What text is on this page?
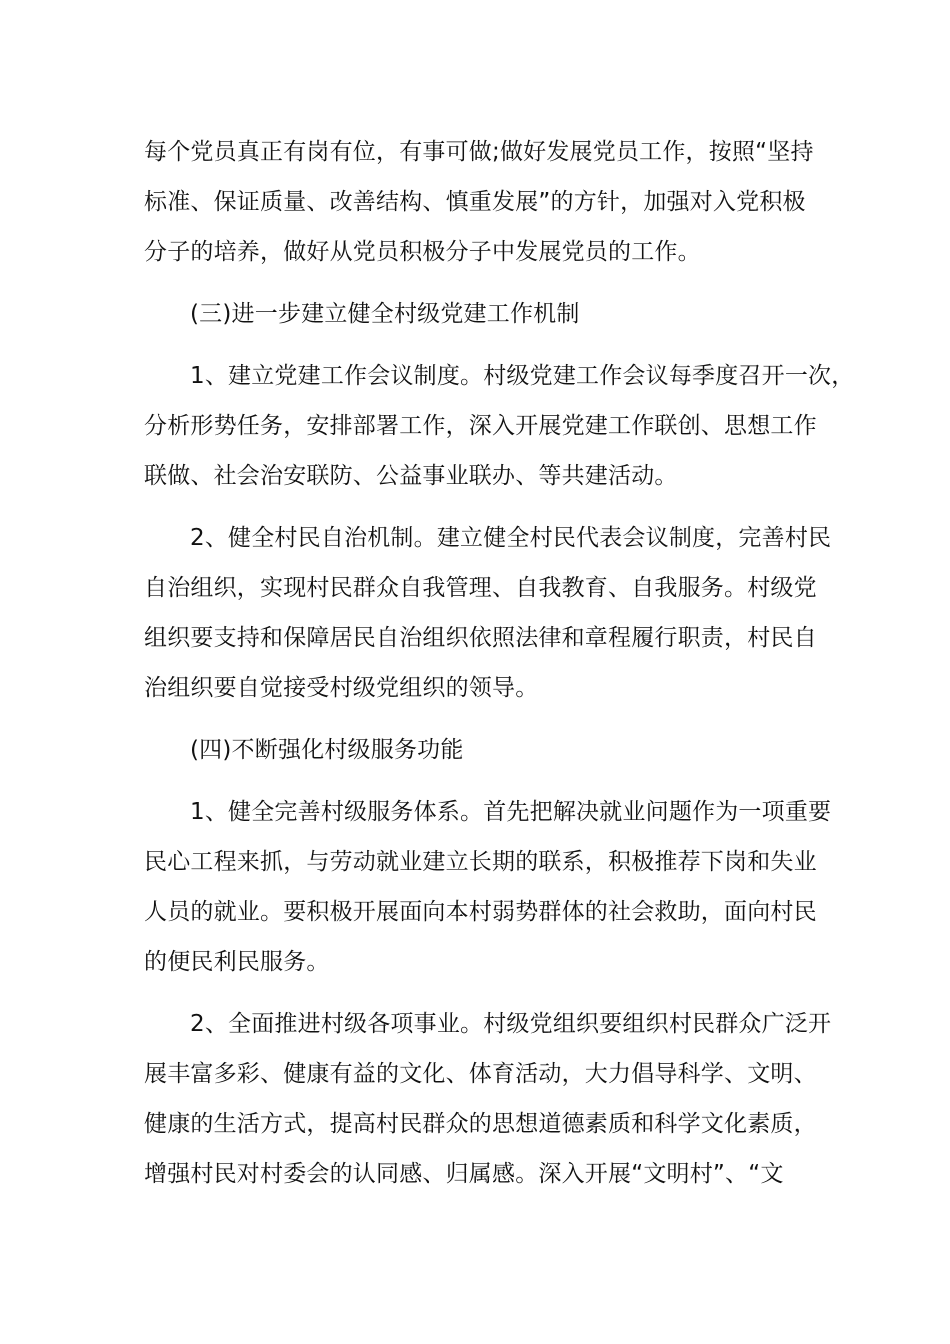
每个党员真正有岗有位，有事可做;做好发展党员工作，按照“坚持
标准、保证质量、改善结构、慎重发展”的方针，加强对入党积极
分子的培养，做好从党员积极分子中发展党员的工作。
(三)进一步建立健全村级党建工作机制
1、建立党建工作会议制度。村级党建工作会议每季度召开一次，
分析形势任务，安排部署工作，深入开展党建工作联创、思想工作
联做、社会治安联防、公益事业联办、等共建活动。
2、健全村民自治机制。建立健全村民代表会议制度，完善村民
自治组织，实现村民群众自我管理、自我教育、自我服务。村级党
组织要支持和保障居民自治组织依照法律和章程履行职责，村民自
治组织要自觉接受村级党组织的领导。
(四)不断强化村级服务功能
1、健全完善村级服务体系。首先把解决就业问题作为一项重要
民心工程来抓，与劳动就业建立长期的联系，积极推荐下岗和失业
人员的就业。要积极开展面向本村弱势群体的社会救助，面向村民
的便民利民服务。
2、全面推进村级各项事业。村级党组织要组织村民群众广泛开
展丰富多彩、健康有益的文化、体育活动，大力倡导科学、文明、
健康的生活方式，提高村民群众的思想道德素质和科学文化素质，
增强村民对村委会的认同感、归属感。深入开展“文明村”、“文
